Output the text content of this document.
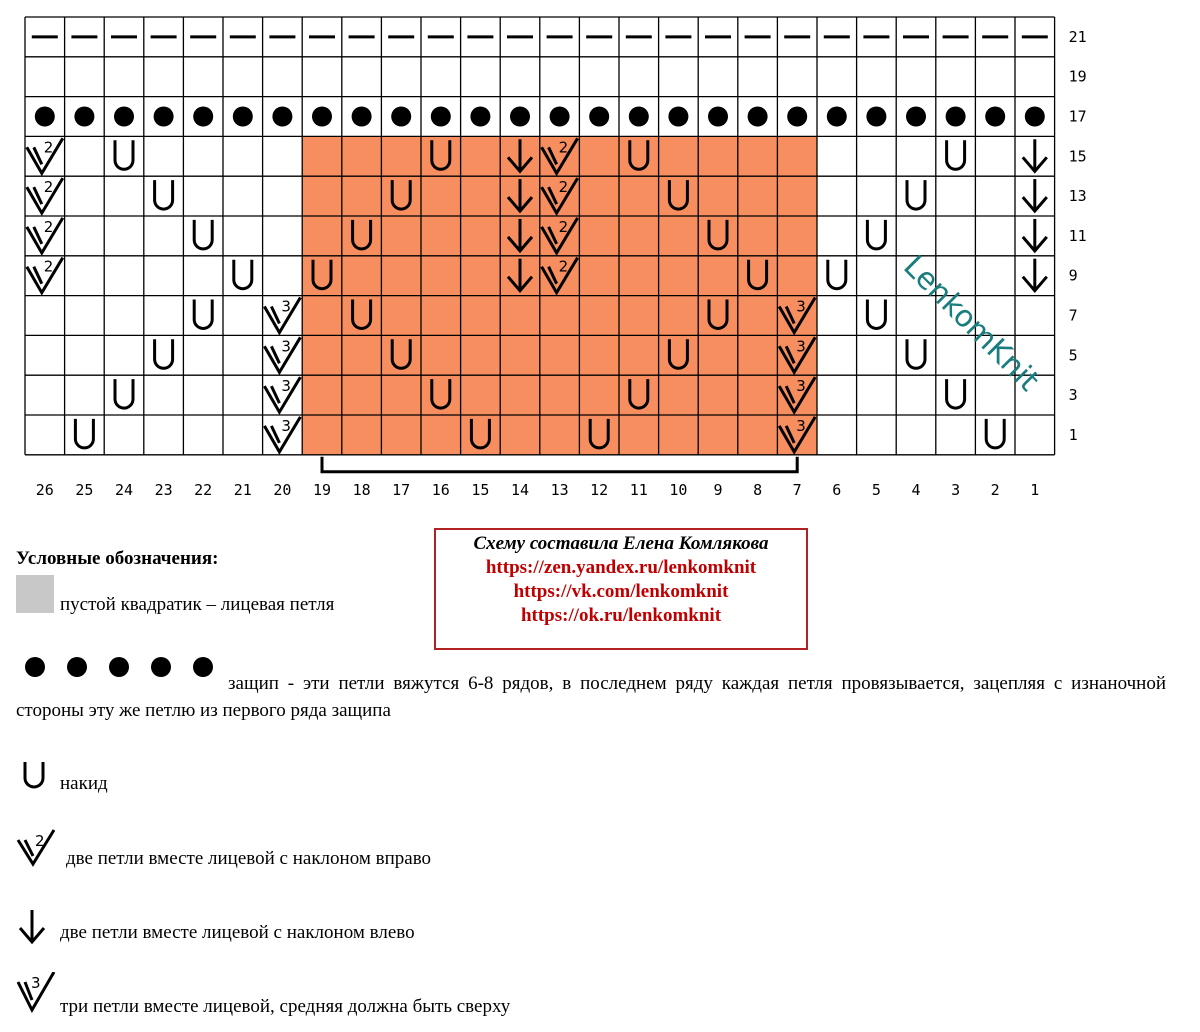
2	2
2	2
2	2
2	2
3	3
3	3
3	3
3	3
21
19
17
15
13
11
9
7
5
3
1
26 25 24 23 22 21 20 19 18 17 16 15 14 13 12 11 10 9 8 7 6 5 4 3 2 1
LenkomKnit
Схему составила Елена Комлякова
https://zen.yandex.ru/lenkomknit
https://vk.com/lenkomknit
https://ok.ru/lenkomknit
Условные обозначения:
пустой квадратик – лицевая петля
защип - эти петли вяжутся 6-8 рядов, в последнем ряду каждая петля провязывается, зацепляя с изнаночной стороны эту же петлю из первого ряда защипа
накид
2
две петли вместе лицевой с наклоном вправо
две петли вместе лицевой с наклоном влево
3
три петли вместе лицевой, средняя должна быть сверху
